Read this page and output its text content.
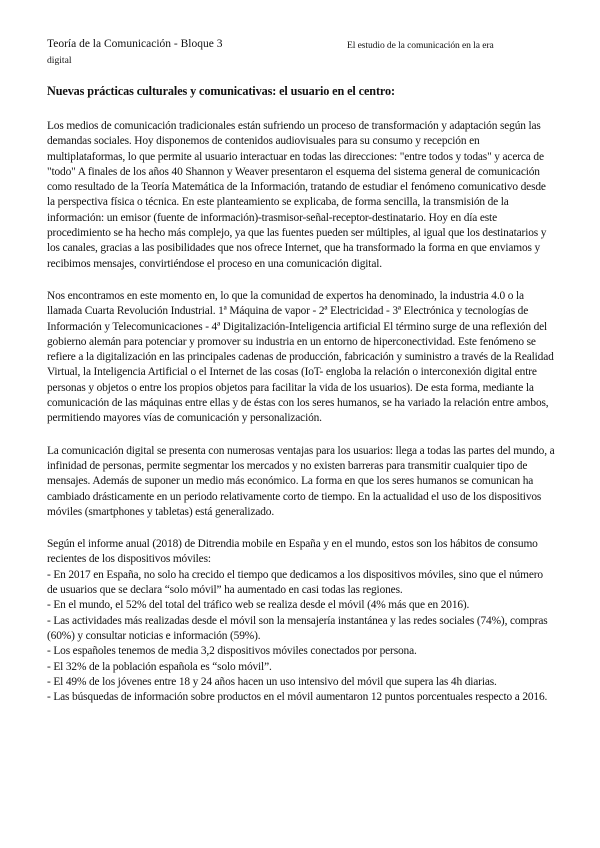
Teoría de la Comunicación - Bloque 3	El estudio de la comunicación en la era
digital
Nuevas prácticas culturales y comunicativas: el usuario en el centro:

Los medios de comunicación tradicionales están sufriendo un proceso de transformación y adaptación según las demandas sociales. Hoy disponemos de contenidos audiovisuales para su consumo y recepción en multiplataformas, lo que permite al usuario interactuar en todas las direcciones: "entre todos y todas" y acerca de "todo" A finales de los años 40 Shannon y Weaver presentaron el esquema del sistema general de comunicación como resultado de la Teoría Matemática de la Información, tratando de estudiar el fenómeno comunicativo desde la perspectiva física o técnica. En este planteamiento se explicaba, de forma sencilla, la transmisión de la información: un emisor (fuente de información)-trasmisor-señal-receptor-destinatario. Hoy en día este procedimiento se ha hecho más complejo, ya que las fuentes pueden ser múltiples, al igual que los destinatarios y los canales, gracias a las posibilidades que nos ofrece Internet, que ha transformado la forma en que enviamos y recibimos mensajes, convirtiéndose el proceso en una comunicación digital.

Nos encontramos en este momento en, lo que la comunidad de expertos ha denominado, la industria 4.0 o la llamada Cuarta Revolución Industrial. 1ª Máquina de vapor - 2ª Electricidad - 3ª Electrónica y tecnologías de Información y Telecomunicaciones - 4ª Digitalización-Inteligencia artificial El término surge de una reflexión del gobierno alemán para potenciar y promover su industria en un entorno de hiperconectividad. Este fenómeno se refiere a la digitalización en las principales cadenas de producción, fabricación y suministro a través de la Realidad Virtual, la Inteligencia Artificial o el Internet de las cosas (IoT- engloba la relación o interconexión digital entre personas y objetos o entre los propios objetos para facilitar la vida de los usuarios). De esta forma, mediante la comunicación de las máquinas entre ellas y de éstas con los seres humanos, se ha variado la relación entre ambos, permitiendo mayores vías de comunicación y personalización.

La comunicación digital se presenta con numerosas ventajas para los usuarios: llega a todas las partes del mundo, a infinidad de personas, permite segmentar los mercados y no existen barreras para transmitir cualquier tipo de mensajes. Además de suponer un medio más económico. La forma en que los seres humanos se comunican ha cambiado drásticamente en un periodo relativamente corto de tiempo. En la actualidad el uso de los dispositivos móviles (smartphones y tabletas) está generalizado.

Según el informe anual (2018) de Ditrendia mobile en España y en el mundo, estos son los hábitos de consumo recientes de los dispositivos móviles:

- En 2017 en España, no solo ha crecido el tiempo que dedicamos a los dispositivos móviles, sino que el número de usuarios que se declara “solo móvil” ha aumentado en casi todas las regiones.
- En el mundo, el 52% del total del tráfico web se realiza desde el móvil (4% más que en 2016).
- Las actividades más realizadas desde el móvil son la mensajería instantánea y las redes sociales (74%), compras (60%) y consultar noticias e información (59%).
- Los españoles tenemos de media 3,2 dispositivos móviles conectados por persona.
- El 32% de la población española es “solo móvil”.
- El 49% de los jóvenes entre 18 y 24 años hacen un uso intensivo del móvil que supera las 4h diarias.
- Las búsquedas de información sobre productos en el móvil aumentaron 12 puntos porcentuales respecto a 2016.
